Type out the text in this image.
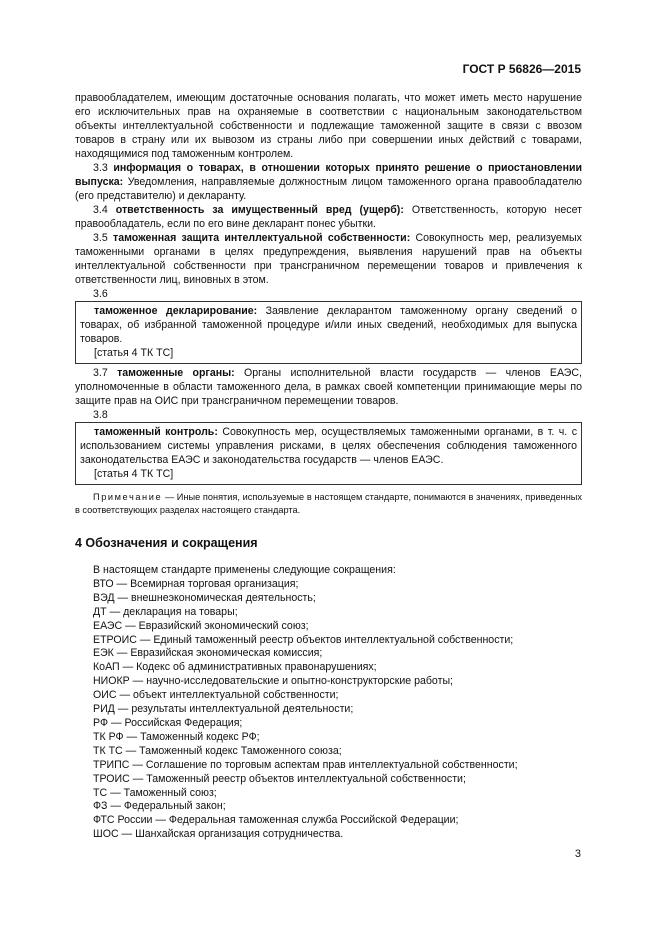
ГОСТ Р 56826—2015

правообладателем, имеющим достаточные основания полагать, что может иметь место нарушение его исключительных прав на охраняемые в соответствии с национальным законодательством объекты интеллектуальной собственности и подлежащие таможенной защите в связи с ввозом товаров в страну или их вывозом из страны либо при совершении иных действий с товарами, находящимися под таможенным контролем.

3.3 информация о товарах, в отношении которых принято решение о приостановлении выпуска: Уведомления, направляемые должностным лицом таможенного органа правообладателю (его представителю) и декларанту.

3.4 ответственность за имущественный вред (ущерб): Ответственность, которую несет правообладатель, если по его вине декларант понес убытки.

3.5 таможенная защита интеллектуальной собственности: Совокупность мер, реализуемых таможенными органами в целях предупреждения, выявления нарушений прав на объекты интеллектуальной собственности при трансграничном перемещении товаров и привлечения к ответственности лиц, виновных в этом.

3.6

таможенное декларирование: Заявление декларантом таможенному органу сведений о товарах, об избранной таможенной процедуре и/или иных сведений, необходимых для выпуска товаров.

[статья 4 ТК ТС]

3.7 таможенные органы: Органы исполнительной власти государств — членов ЕАЭС, уполномоченные в области таможенного дела, в рамках своей компетенции принимающие меры по защите прав на ОИС при трансграничном перемещении товаров.

3.8

таможенный контроль: Совокупность мер, осуществляемых таможенными органами, в т. ч. с использованием системы управления рисками, в целях обеспечения соблюдения таможенного законодательства ЕАЭС и законодательства государств — членов ЕАЭС.

[статья 4 ТК ТС]

Примечание — Иные понятия, используемые в настоящем стандарте, понимаются в значениях, приведенных в соответствующих разделах настоящего стандарта.

4 Обозначения и сокращения

В настоящем стандарте применены следующие сокращения:

ВТО — Всемирная торговая организация;

ВЭД — внешнеэкономическая деятельность;

ДТ — декларация на товары;

ЕАЭС — Евразийский экономический союз;

ЕТРОИС — Единый таможенный реестр объектов интеллектуальной собственности;

ЕЭК — Евразийская экономическая комиссия;

КоАП — Кодекс об административных правонарушениях;

НИОКР — научно-исследовательские и опытно-конструкторские работы;

ОИС — объект интеллектуальной собственности;

РИД — результаты интеллектуальной деятельности;

РФ — Российская Федерация;

ТК РФ — Таможенный кодекс РФ;

ТК ТС — Таможенный кодекс Таможенного союза;

ТРИПС — Соглашение по торговым аспектам прав интеллектуальной собственности;

ТРОИС — Таможенный реестр объектов интеллектуальной собственности;

ТС — Таможенный союз;

ФЗ — Федеральный закон;

ФТС России — Федеральная таможенная служба Российской Федерации;

ШОС — Шанхайская организация сотрудничества.

3
